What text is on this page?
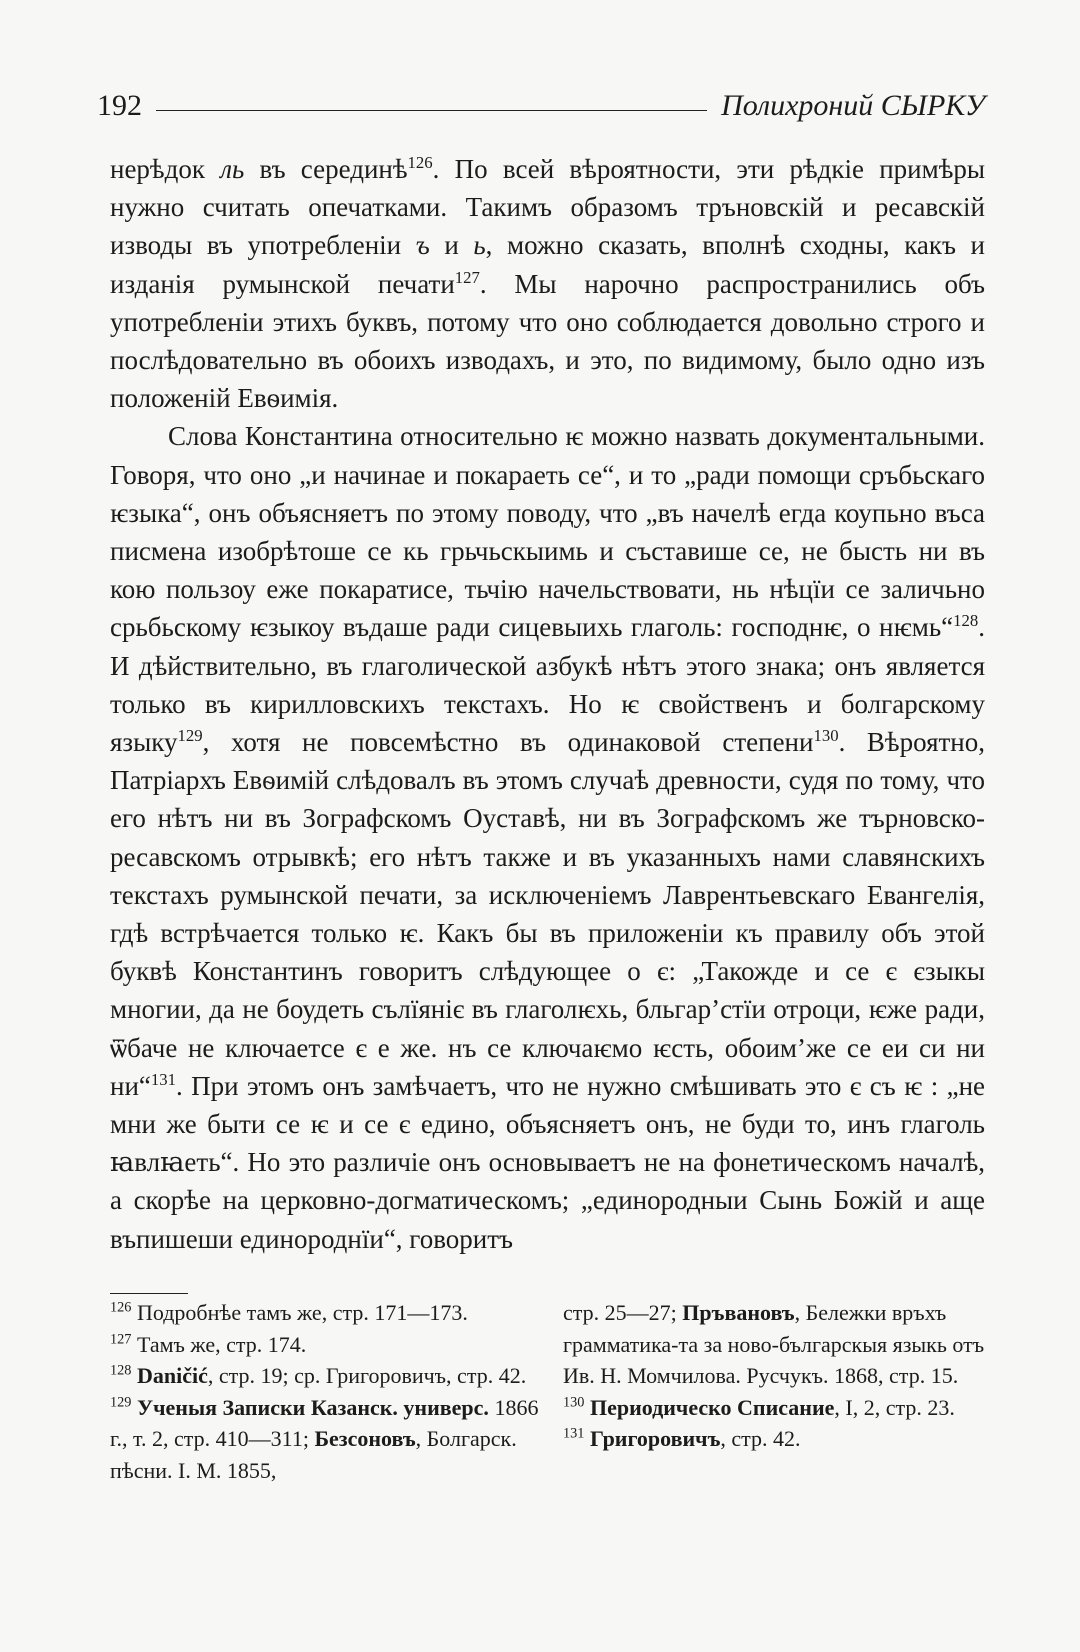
192	Полихроний СЫРКУ

нерѣдок ль въ серединѣ$^{126}$. По всей вѣроятности, эти рѣдкіе примѣры нужно считать опечатками. Такимъ образомъ тръновскій и ресавскій изводы въ употребленіи ъ и ь, можно сказать, вполнѣ сходны, какъ и изданія румынской печати$^{127}$. Мы нарочно распространились объ употребленіи этихъ буквъ, потому что оно соблюдается довольно строго и послѣдовательно въ обоихъ изводахъ, и это, по видимому, было одно изъ положеній Евѳимія.

Слова Константина относительно ѥ можно назвать документальными. Говоря, что оно „и начинае и покараеть се“, и то „ради помощи сръбьскаго ѥзыка“, онъ объясняетъ по этому поводу, что „въ начелѣ егда коупьно въса писмена изобрѣтоше се кь грьчьскыимь и съставише се, не бысть ни въ кою пользоу еже покаратисе, тьчію начельствовати, нь нѣцїи се заличьно срьбьскому ѥзыкоу въдаше ради сицевыихь глаголь: господнѥ, о нѥмь“$^{128}$. И дѣйствительно, въ глаголической азбукѣ нѣтъ этого знака; онъ является только въ кирилловскихъ текстахъ. Но ѥ свойственъ и болгарскому языку$^{129}$, хотя не повсемѣстно въ одинаковой степени$^{130}$. Вѣроятно, Патріархъ Евѳимій слѣдовалъ въ этомъ случаѣ древности, судя по тому, что его нѣтъ ни въ Зографскомъ Оуставѣ, ни въ Зографскомъ же търновско-ресавскомъ отрывкѣ; его нѣтъ также и въ указанныхъ нами славянскихъ текстахъ румынской печати, за исключеніемъ Лаврентьевскаго Евангелія, гдѣ встрѣчается только ѥ. Какъ бы въ приложеніи къ правилу объ этой буквѣ Константинъ говоритъ слѣдующее о є: „Такожде и се є єзыкы многии, да не боудеть сълїяніє въ глаголѥхь, бльгар’стїи отроци, ѥже ради, ѿбаче не ключаетсе є е же. нъ се ключаѥмо ѥсть, обоим’же се еи си ни ни“$^{131}$. При этомъ онъ замѣчаетъ, что не нужно смѣшивать это є съ ѥ : „не мни же быти се ѥ и се є едино, объясняетъ онъ, не буди то, инъ глаголь ꙗвлꙗеть“. Но это различіе онъ основываетъ не на фонетическомъ началѣ, а скорѣе на церковно-догматическомъ; „единородныи Сынь Божій и аще въпишеши единороднїи“, говоритъ

$^{126}$ Подробнѣе тамъ же, стр. 171—173.

$^{127}$ Тамъ же, стр. 174.

$^{128}$ Daničić, стр. 19; ср. Григоровичъ, стр. 42.

$^{129}$ Ученыя Записки Казанск. универс. 1866 г., т. 2, стр. 410—311; Безсоновъ, Болгарск. пѣсни. I. М. 1855,

стр. 25—27; Пръвановъ, Бележки връхъ грамматика-та за ново-българскыя языкь отъ Ив. Н. Момчилова. Русчукъ. 1868, стр. 15.

$^{130}$ Периодическо Списание, I, 2, стр. 23.

$^{131}$ Григоровичъ, стр. 42.
